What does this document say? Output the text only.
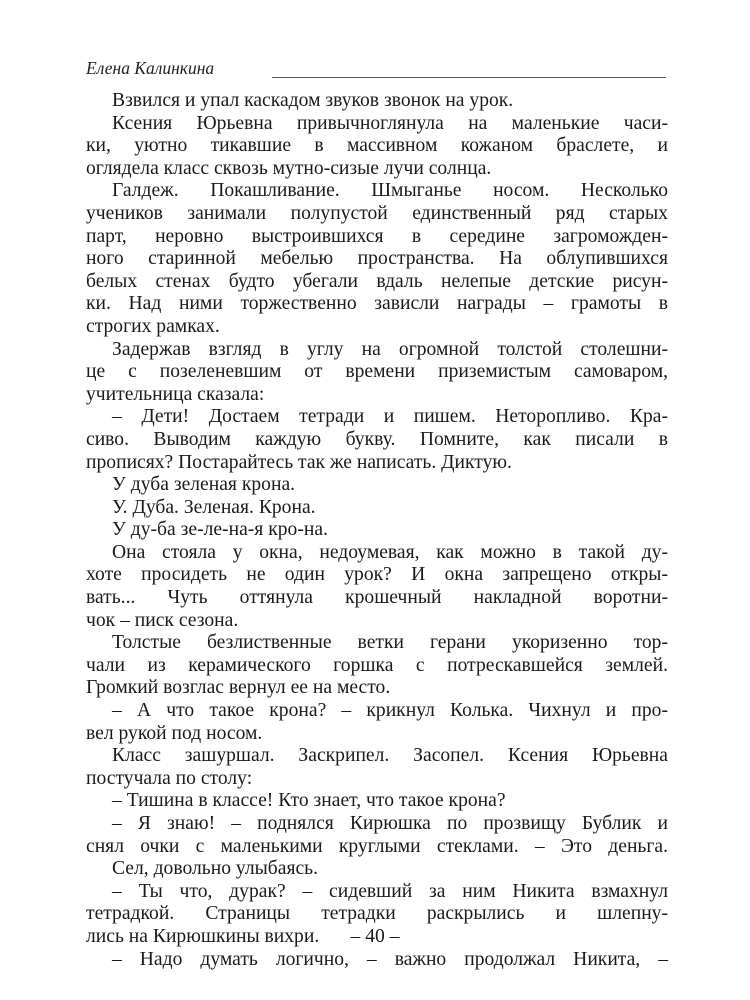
Елена Калинкина
Взвился и упал каскадом звуков звонок на урок.
Ксения Юрьевна привычноглянула на маленькие часи-
ки, уютно тикавшие в массивном кожаном браслете, и
оглядела класс сквозь мутно-сизые лучи солнца.
Галдеж. Покашливание. Шмыганье носом. Несколько
учеников занимали полупустой единственный ряд старых
парт, неровно выстроившихся в середине загроможден-
ного старинной мебелью пространства. На облупившихся
белых стенах будто убегали вдаль нелепые детские рисун-
ки. Над ними торжественно зависли награды – грамоты в
строгих рамках.
Задержав взгляд в углу на огромной толстой столешни-
це с позеленевшим от времени приземистым самоваром,
учительница сказала:
– Дети! Достаем тетради и пишем. Неторопливо. Кра-
сиво. Выводим каждую букву. Помните, как писали в
прописях? Постарайтесь так же написать. Диктую.
У дуба зеленая крона.
У. Дуба. Зеленая. Крона.
У ду-ба зе-ле-на-я кро-на.
Она стояла у окна, недоумевая, как можно в такой ду-
хоте просидеть не один урок? И окна запрещено откры-
вать... Чуть оттянула крошечный накладной воротни-
чок – писк сезона.
Толстые безлиственные ветки герани укоризенно тор-
чали из керамического горшка с потрескавшейся землей.
Громкий возглас вернул ее на место.
– А что такое крона? – крикнул Колька. Чихнул и про-
вел рукой под носом.
Класс зашуршал. Заскрипел. Засопел. Ксения Юрьевна
постучала по столу:
– Тишина в классе! Кто знает, что такое крона?
– Я знаю! – поднялся Кирюшка по прозвищу Бублик и
снял очки с маленькими круглыми стеклами. – Это деньга.
Сел, довольно улыбаясь.
– Ты что, дурак? – сидевший за ним Никита взмахнул
тетрадкой. Страницы тетрадки раскрылись и шлепну-
лись на Кирюшкины вихри.
– Надо думать логично, – важно продолжал Никита, –
– 40 –
